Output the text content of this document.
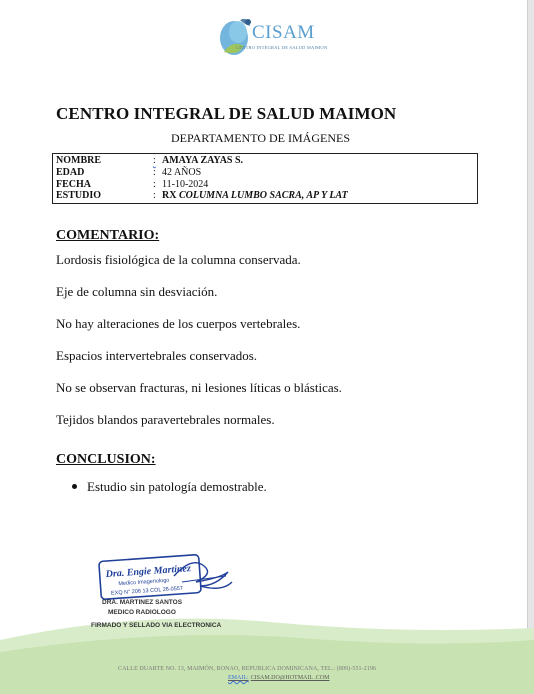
CISAM
CENTRO INTEGRAL DE SALUD MAIMON
CENTRO INTEGRAL DE SALUD MAIMON
DEPARTAMENTO DE IMÁGENES
NOMBRE	: AMAYA ZAYAS S.
EDAD	: 42 AÑOS
FECHA	: 11-10-2024
ESTUDIO	: RX COLUMNA LUMBO SACRA, AP Y LAT
COMENTARIO:
Lordosis fisiológica de la columna conservada.
Eje de columna sin desviación.
No hay alteraciones de los cuerpos vertebrales.
Espacios intervertebrales conservados.
No se observan fracturas, ni lesiones líticas o blásticas.
Tejidos blandos paravertebrales normales.
CONCLUSION:
Estudio sin patología demostrable.
Dra. Engie Martinez
Medico Imagenologo
EXQ N° 206 13 COL 26-0557
DRA. MARTINEZ SANTOS
MEDICO RADIOLOGO
FIRMADO Y SELLADO VIA ELECTRONICA
CALLE DUARTE NO. 13, MAIMÓN, BONAO, REPUBLICA DOMINICANA, TEL.: (809)-551-2196
EMAIL: CISAM.DO@HOTMAIL .COM
